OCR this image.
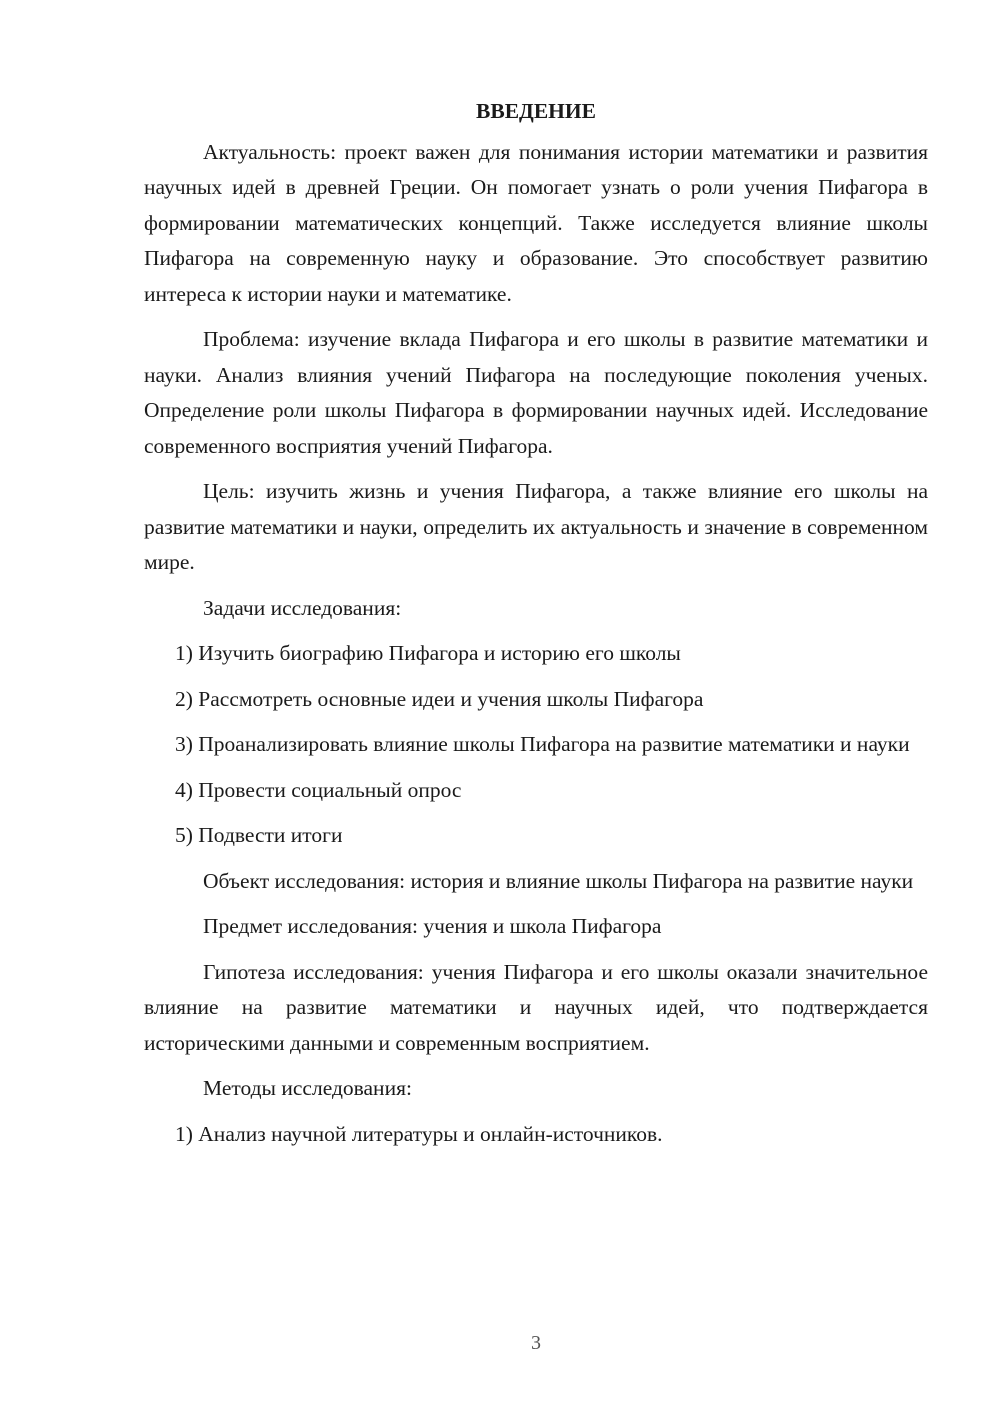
ВВЕДЕНИЕ

Актуальность: проект важен для понимания истории математики и развития научных идей в древней Греции. Он помогает узнать о роли учения Пифагора в формировании математических концепций. Также исследуется влияние школы Пифагора на современную науку и образование. Это способствует развитию интереса к истории науки и математике.

Проблема: изучение вклада Пифагора и его школы в развитие математики и науки. Анализ влияния учений Пифагора на последующие поколения ученых. Определение роли школы Пифагора в формировании научных идей. Исследование современного восприятия учений Пифагора.

Цель: изучить жизнь и учения Пифагора, а также влияние его школы на развитие математики и науки, определить их актуальность и значение в современном мире.

Задачи исследования:

1) Изучить биографию Пифагора и историю его школы

2) Рассмотреть основные идеи и учения школы Пифагора

3) Проанализировать влияние школы Пифагора на развитие математики и науки

4) Провести социальный опрос

5) Подвести итоги

Объект исследования: история и влияние школы Пифагора на развитие науки

Предмет исследования: учения и школа Пифагора

Гипотеза исследования: учения Пифагора и его школы оказали значительное влияние на развитие математики и научных идей, что подтверждается историческими данными и современным восприятием.

Методы исследования:

1) Анализ научной литературы и онлайн-источников.

3
